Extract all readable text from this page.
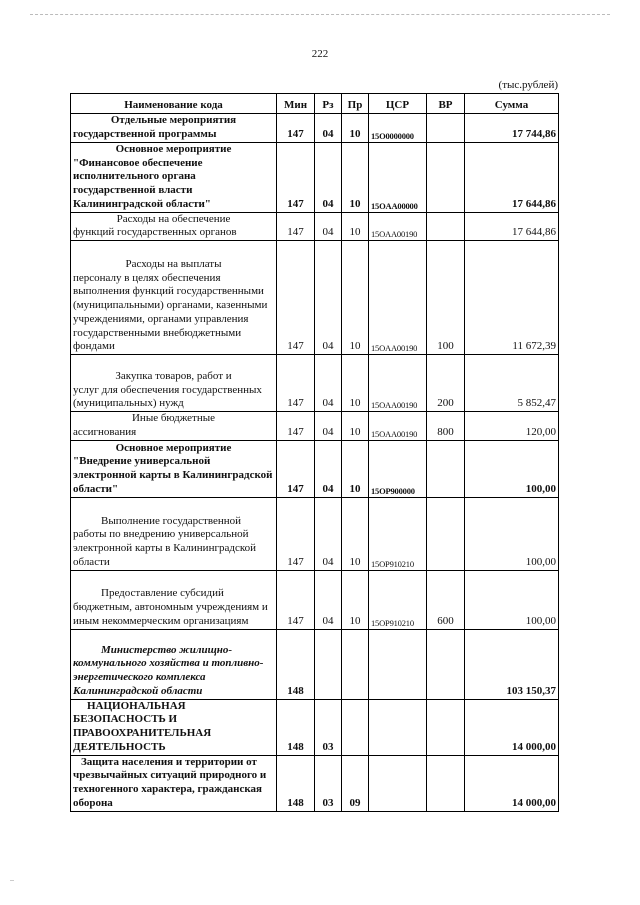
222
(тыс.рублей)
Наименование кода	Мин	Рз	Пр	ЦСР	ВР	Сумма

Отдельные мероприятия
государственной программы	147	04	10	15O0000000		17 744,86

Основное мероприятие
"Финансовое обеспечение исполнительного органа государственной власти Калининградской области"	147	04	10	15OAA00000		17 644,86

Расходы на обеспечение
функций государственных органов	147	04	10	15OAA00190		17 644,86

Расходы на выплаты
персоналу в целях обеспечения выполнения функций государственными (муниципальными) органами, казенными учреждениями, органами управления государственными внебюджетными фондами	147	04	10	15OAA00190	100	11 672,39

Закупка товаров, работ и
услуг для обеспечения государственных (муниципальных) нужд	147	04	10	15OAA00190	200	5 852,47

Иные бюджетные
ассигнования	147	04	10	15OAA00190	800	120,00

Основное мероприятие
"Внедрение универсальной электронной карты в Калининградской области"	147	04	10	15OP900000		100,00

Выполнение государственной
работы по внедрению универсальной электронной карты в Калининградской области	147	04	10	15OP910210		100,00

Предоставление субсидий
бюджетным, автономным учреждениям и иным некоммерческим организациям	147	04	10	15OP910210	600	100,00

Министерство жилищно-
коммунального хозяйства и топливно-энергетического комплекса Калининградской области	148					103 150,37

НАЦИОНАЛЬНАЯ
БЕЗОПАСНОСТЬ И ПРАВООХРАНИТЕЛЬНАЯ ДЕЯТЕЛЬНОСТЬ	148	03				14 000,00

Защита населения и территории от
чрезвычайных ситуаций природного и техногенного характера, гражданская оборона	148	03	09			14 000,00
